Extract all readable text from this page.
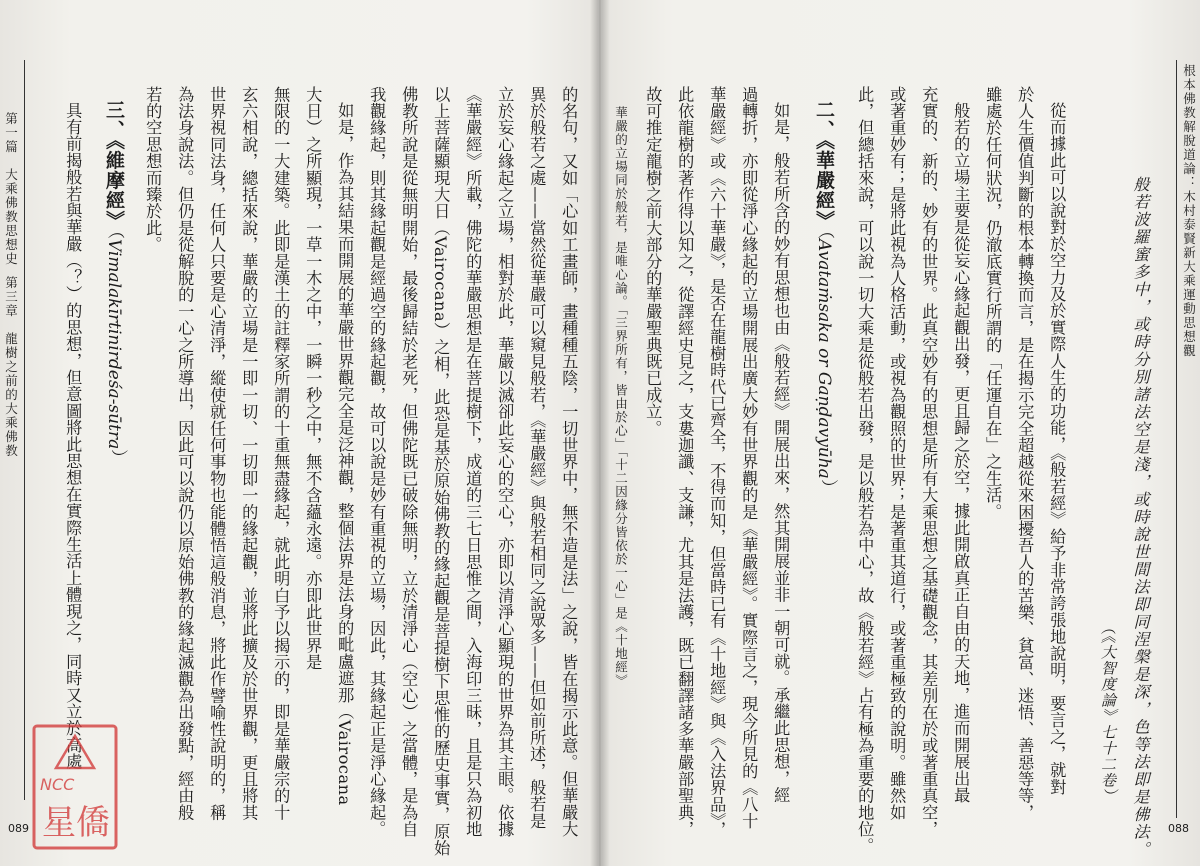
根本佛教解脫道論：木村泰賢新大乘運動思想觀
088
般若波羅蜜多中，或時分別諸法空是淺，或時說世間法即同涅槃是深，色等法即是佛法。
（《大智度論》七十二卷）
從而據此可以說對於空力及於實際人生的功能，《般若經》給予非常誇張地說明，要言之，就對
於人生價值判斷的根本轉換而言，是在揭示完全超越從來困擾吾人的苦樂、貧富、迷悟、善惡等等，
雖處於任何狀況，仍澈底實行所謂的「任運自在」之生活。
般若的立場主要是從妄心緣起觀出發，更且歸之於空，據此開啟真正自由的天地，進而開展出最
充實的、新的、妙有的世界。此真空妙有的思想是所有大乘思想之基礎觀念，其差別在於或著重真空，
或著重妙有；是將此視為人格活動，或視為觀照的世界；是著重其道行，或著重極致的說明。雖然如
此，但總括來說，可以說一切大乘是從般若出發，是以般若為中心，故《般若經》占有極為重要的地位。
二、《華嚴經》（Avataṁsaka or Gaṇḍavyūha）
如是，般若所含的妙有思想也由《般若經》開展出來，然其開展並非一朝可就。承繼此思想，經
過轉折，亦即從淨心緣起的立場開展出廣大妙有世界觀的是《華嚴經》。實際言之，現今所見的《八十
華嚴經》或《六十華嚴》，是否在龍樹時代已齊全，不得而知，但當時已有《十地經》與《入法界品》，
此依龍樹的著作得以知之，從譯經史見之，支婁迦讖、支謙，尤其是法護，既已翻譯諸多華嚴部聖典，
故可推定龍樹之前大部分的華嚴聖典既已成立。
華嚴的立場同於般若，是唯心論。「三界所有，皆由於心」「十二因緣分皆依於一心」是《十地經》
第一篇　大乘佛教思想史
第三章　龍樹之前的大乘佛教
089	的名句，又如「心如工畫師，畫種種五陰，一切世界中，無不造是法」之說，皆在揭示此意。但華嚴大
異於般若之處——當然從華嚴可以窺見般若，《華嚴經》與般若相同之說眾多——但如前所述，般若是
立於妄心緣起之立場，相對於此，華嚴以滅卻此妄心的空心，亦即以清淨心顯現的世界為其主眼。依據
《華嚴經》所載，佛陀的華嚴思想是在菩提樹下，成道的三七日思惟之間，入海印三昧，且是只為初地
以上菩薩顯現大日（Vairocana）之相，此恐是基於原始佛教的緣起觀是菩提樹下思惟的歷史事實，原始
佛教所說是從無明開始，最後歸結於老死，但佛陀既已破除無明，立於清淨心（空心）之當體，是為自
我觀緣起，則其緣起觀是經過空的緣起觀，故可以說是妙有重視的立場，因此，其緣起正是淨心緣起。
如是，作為其結果而開展的華嚴世界觀完全是泛神觀，整個法界是法身的毗盧遮那（Vairocana
大日）之所顯現，一草一木之中，一瞬一秒之中，無不含蘊永遠。亦即此世界是
無限的一大建築。此即是漢土的註釋家所謂的十重無盡緣起，就此明白予以揭示的，即是華嚴宗的十
玄六相說，總括來說，華嚴的立場是一即一切、一切即一的緣起觀，並將此擴及於世界觀，更且將其
世界視同法身，任何人只要是心清淨，縱使就任何事物也能體悟這般消息，將此作譬喻性說明的，稱
為法身說法。但仍是從解脫的一心之所導出，因此可以說仍以原始佛教的緣起滅觀為出發點，經由般
若的空思想而臻於此。
三、《維摩經》（Vimalakīrtinirdeśa-sūtra）
具有前揭般若與華嚴（？）的思想，但意圖將此思想在實際生活上體現之，同時又立於高處
NCC
星僑
